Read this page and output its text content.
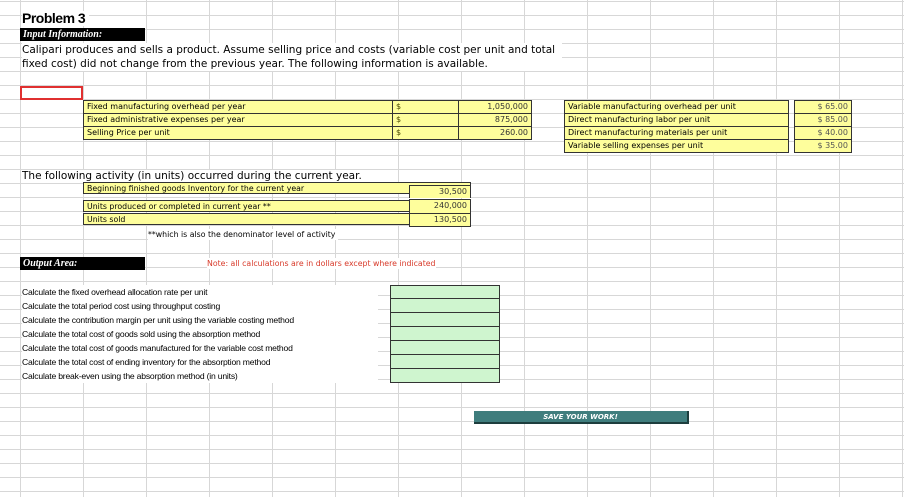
Problem 3
Input Information:
Calipari produces and sells a product. Assume selling price and costs (variable cost per unit and total fixed cost) did not change from the previous year. The following information is available.
Fixed manufacturing overhead per year	$	1,050,000
Fixed administrative expenses per year	$	875,000
Selling Price per unit	$	260.00
Variable manufacturing overhead per unit		$ 65.00
Direct manufacturing labor per unit		$ 85.00
Direct manufacturing materials per unit		$ 40.00
Variable selling expenses per unit		$ 35.00
The following activity (in units) occurred during the current year.
Beginning finished goods Inventory for the current year	30,500
Units produced or completed in current year **	240,000
Units sold	130,500
**which is also the denominator level of activity
Output Area:	Note: all calculations are in dollars except where indicated
Calculate the fixed overhead allocation rate per unit
Calculate the total period cost using throughput costing
Calculate the contribution margin per unit using the variable costing method
Calculate the total cost of goods sold using the absorption method
Calculate the total cost of goods manufactured for the variable cost method
Calculate the total cost of ending inventory for the absorption method
Calculate break-even using the absorption method (in units)
SAVE YOUR WORK!
